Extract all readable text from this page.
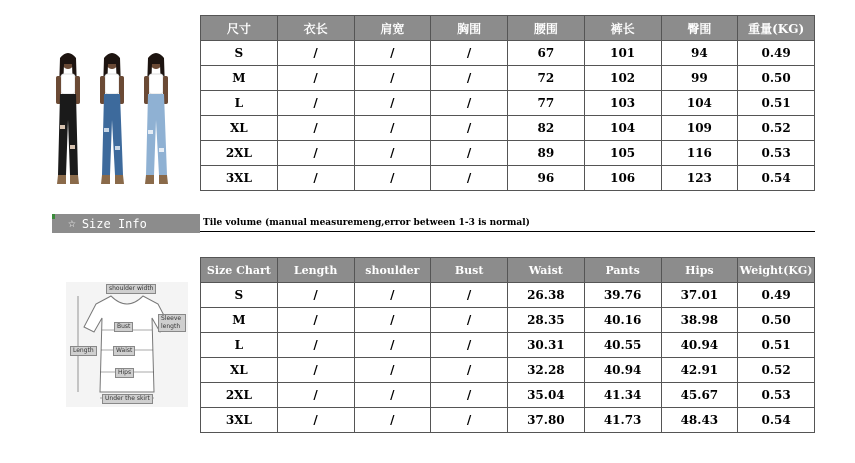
尺寸	衣长	肩宽	胸围	腰围	裤长	臀围	重量(KG)
S	/	/	/	67	101	94	0.49
M	/	/	/	72	102	99	0.50
L	/	/	/	77	103	104	0.51
XL	/	/	/	82	104	109	0.52
2XL	/	/	/	89	105	116	0.53
3XL	/	/	/	96	106	123	0.54
☆ Size Info	Tile volume (manual measuremeng,error between 1-3 is normal)
shoulder width
Bust
Waist
Hips
Length
Sleeve length
Under the skirt
Size Chart	Length	shoulder	Bust	Waist	Pants	Hips	Weight(KG)
S	/	/	/	26.38	39.76	37.01	0.49
M	/	/	/	28.35	40.16	38.98	0.50
L	/	/	/	30.31	40.55	40.94	0.51
XL	/	/	/	32.28	40.94	42.91	0.52
2XL	/	/	/	35.04	41.34	45.67	0.53
3XL	/	/	/	37.80	41.73	48.43	0.54
